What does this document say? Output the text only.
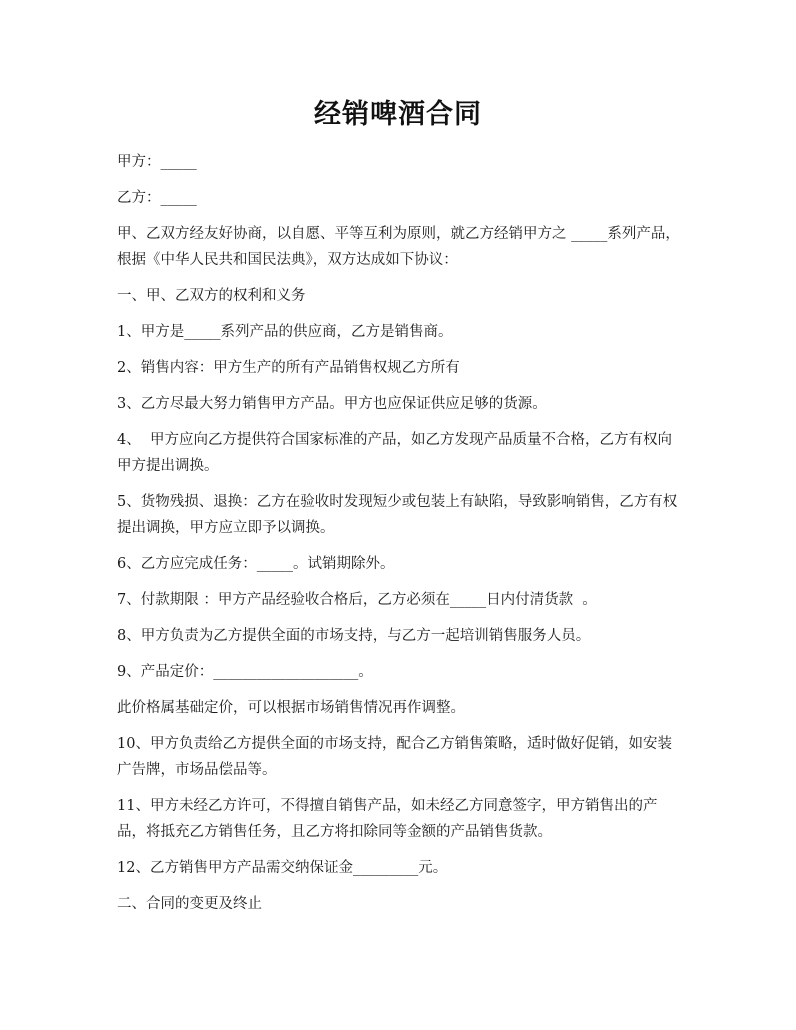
经销啤酒合同

甲方：_____

乙方：_____

甲、乙双方经友好协商，以自愿、平等互利为原则，就乙方经销甲方之 _____系列产品，根据《中华人民共和国民法典》，双方达成如下协议：

一、甲、乙双方的权利和义务

1、甲方是_____系列产品的供应商，乙方是销售商。

2、销售内容：甲方生产的所有产品销售权规乙方所有

3、乙方尽最大努力销售甲方产品。甲方也应保证供应足够的货源。

4、  甲方应向乙方提供符合国家标准的产品，如乙方发现产品质量不合格，乙方有权向甲方提出调换。

5、货物残损、退换：乙方在验收时发现短少或包装上有缺陷，导致影响销售，乙方有权提出调换，甲方应立即予以调换。

6、乙方应完成任务：_____。试销期除外。

7、付款期限 ：甲方产品经验收合格后，乙方必须在_____日内付清货款  。

8、甲方负责为乙方提供全面的市场支持，与乙方一起培训销售服务人员。

9、产品定价：____________________。

此价格属基础定价，可以根据市场销售情况再作调整。

10、甲方负责给乙方提供全面的市场支持，配合乙方销售策略，适时做好促销，如安装广告牌，市场品偿品等。

11、甲方未经乙方许可，不得擅自销售产品，如未经乙方同意签字，甲方销售出的产品，将抵充乙方销售任务，且乙方将扣除同等金额的产品销售货款。

12、乙方销售甲方产品需交纳保证金_________元。

二、合同的变更及终止
